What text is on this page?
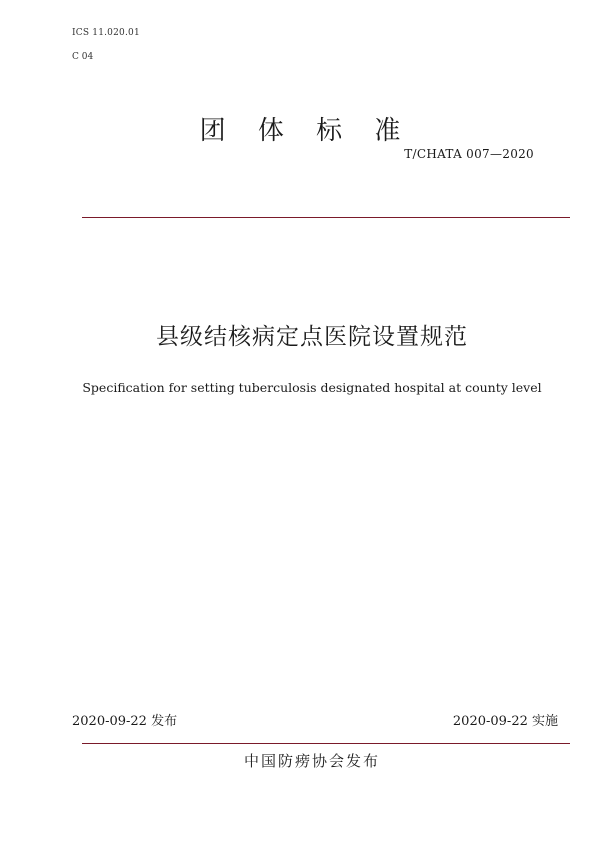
ICS 11.020.01
C 04
团 体 标 准
T/CHATA 007—2020
县级结核病定点医院设置规范
Specification for setting tuberculosis designated hospital at county level
2020-09-22 发布	2020-09-22 实施
中国防痨协会发布
